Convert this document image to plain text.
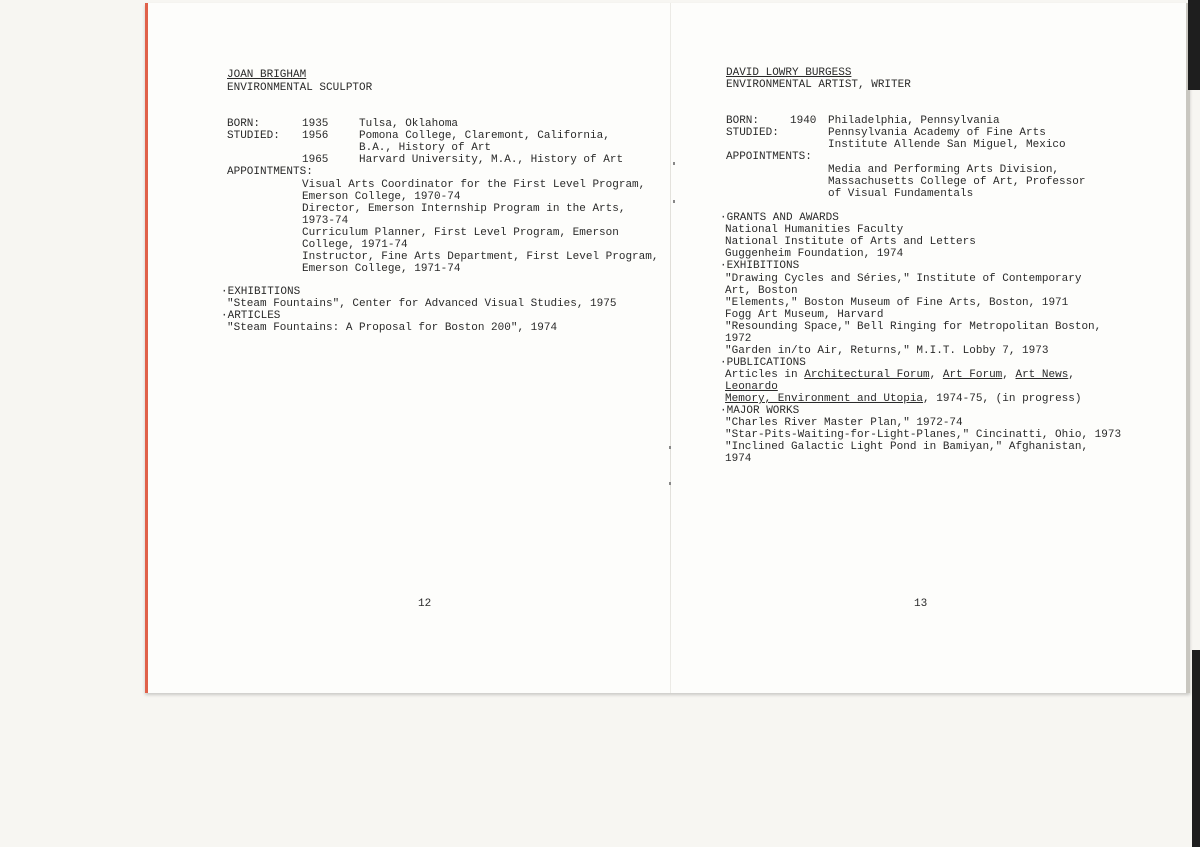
JOAN BRIGHAM
ENVIRONMENTAL SCULPTOR
BORN:	1935	Tulsa, Oklahoma
STUDIED: 1956	Pomona College, Claremont, California,
B.A., History of Art
1965	Harvard University, M.A., History of Art
APPOINTMENTS:
Visual Arts Coordinator for the First Level Program,
Emerson College, 1970-74
Director, Emerson Internship Program in the Arts,
1973-74
Curriculum Planner, First Level Program, Emerson
College, 1971-74
Instructor, Fine Arts Department, First Level Program,
Emerson College, 1971-74
·EXHIBITIONS
"Steam Fountains", Center for Advanced Visual Studies, 1975
·ARTICLES
"Steam Fountains: A Proposal for Boston 200", 1974
12
DAVID LOWRY BURGESS
ENVIRONMENTAL ARTIST, WRITER
BORN:	1940 Philadelphia, Pennsylvania
STUDIED:	Pennsylvania Academy of Fine Arts
Institute Allende San Miguel, Mexico
APPOINTMENTS:
Media and Performing Arts Division,
Massachusetts College of Art, Professor
of Visual Fundamentals
·GRANTS AND AWARDS
National Humanities Faculty
National Institute of Arts and Letters
Guggenheim Foundation, 1974
·EXHIBITIONS
"Drawing Cycles and Séries," Institute of Contemporary
Art, Boston
"Elements," Boston Museum of Fine Arts, Boston, 1971
Fogg Art Museum, Harvard
"Resounding Space," Bell Ringing for Metropolitan Boston,
1972
"Garden in/to Air, Returns," M.I.T. Lobby 7, 1973
·PUBLICATIONS
Articles in Architectural Forum, Art Forum, Art News,
Leonardo
Memory, Environment and Utopia, 1974-75, (in progress)
·MAJOR WORKS
"Charles River Master Plan," 1972-74
"Star-Pits-Waiting-for-Light-Planes," Cincinatti, Ohio, 1973
"Inclined Galactic Light Pond in Bamiyan," Afghanistan,
1974
13
